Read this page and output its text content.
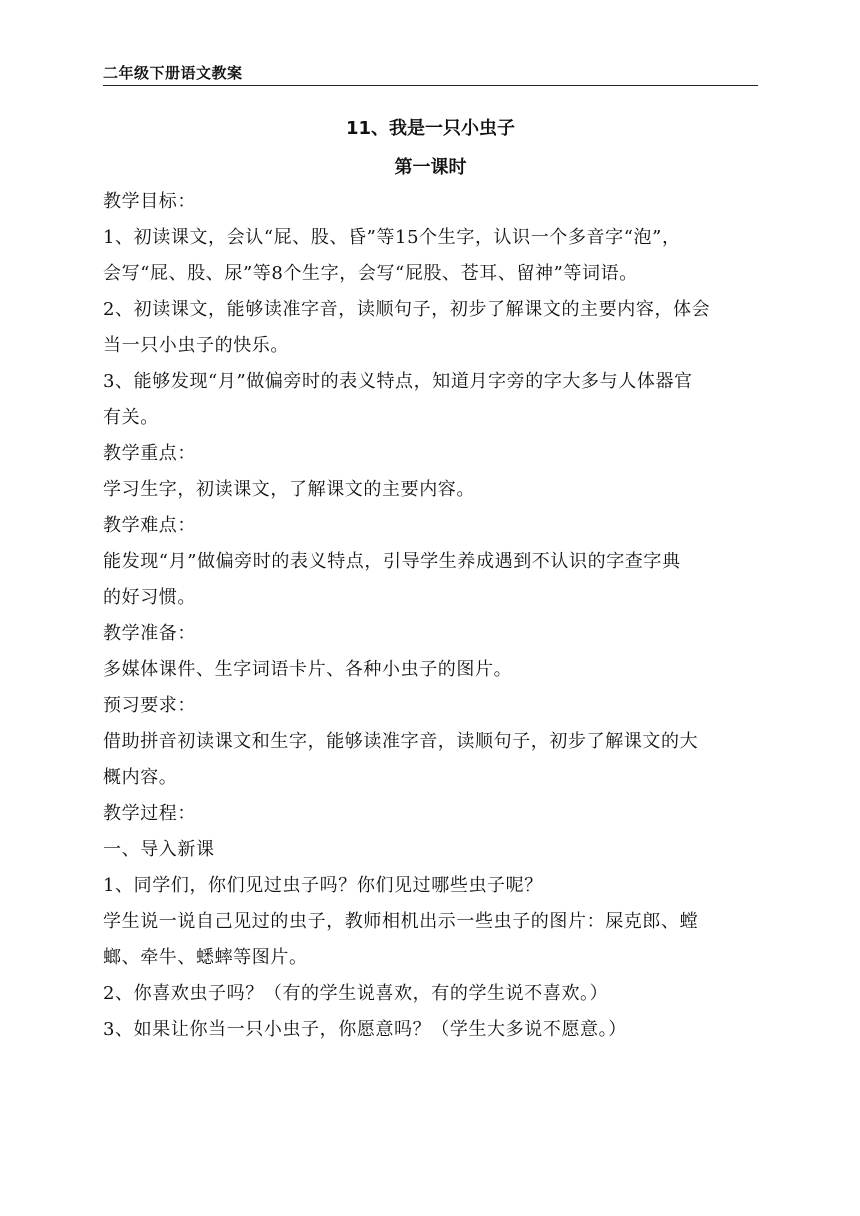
二年级下册语文教案
11、我是一只小虫子
第一课时
教学目标：
1、初读课文，会认“屁、股、昏”等15个生字，认识一个多音字“泡”，
会写“屁、股、尿”等8个生字，会写“屁股、苍耳、留神”等词语。
2、初读课文，能够读准字音，读顺句子，初步了解课文的主要内容，体会
当一只小虫子的快乐。
3、能够发现“月”做偏旁时的表义特点，知道月字旁的字大多与人体器官
有关。
教学重点：
学习生字，初读课文，了解课文的主要内容。
教学难点：
能发现“月”做偏旁时的表义特点，引导学生养成遇到不认识的字查字典
的好习惯。
教学准备：
多媒体课件、生字词语卡片、各种小虫子的图片。
预习要求：
借助拼音初读课文和生字，能够读准字音，读顺句子，初步了解课文的大
概内容。
教学过程：
一、导入新课
1、同学们，你们见过虫子吗？你们见过哪些虫子呢？
学生说一说自己见过的虫子，教师相机出示一些虫子的图片：屎克郎、螳
螂、牵牛、蟋蟀等图片。
2、你喜欢虫子吗？（有的学生说喜欢，有的学生说不喜欢。）
3、如果让你当一只小虫子，你愿意吗？（学生大多说不愿意。）
